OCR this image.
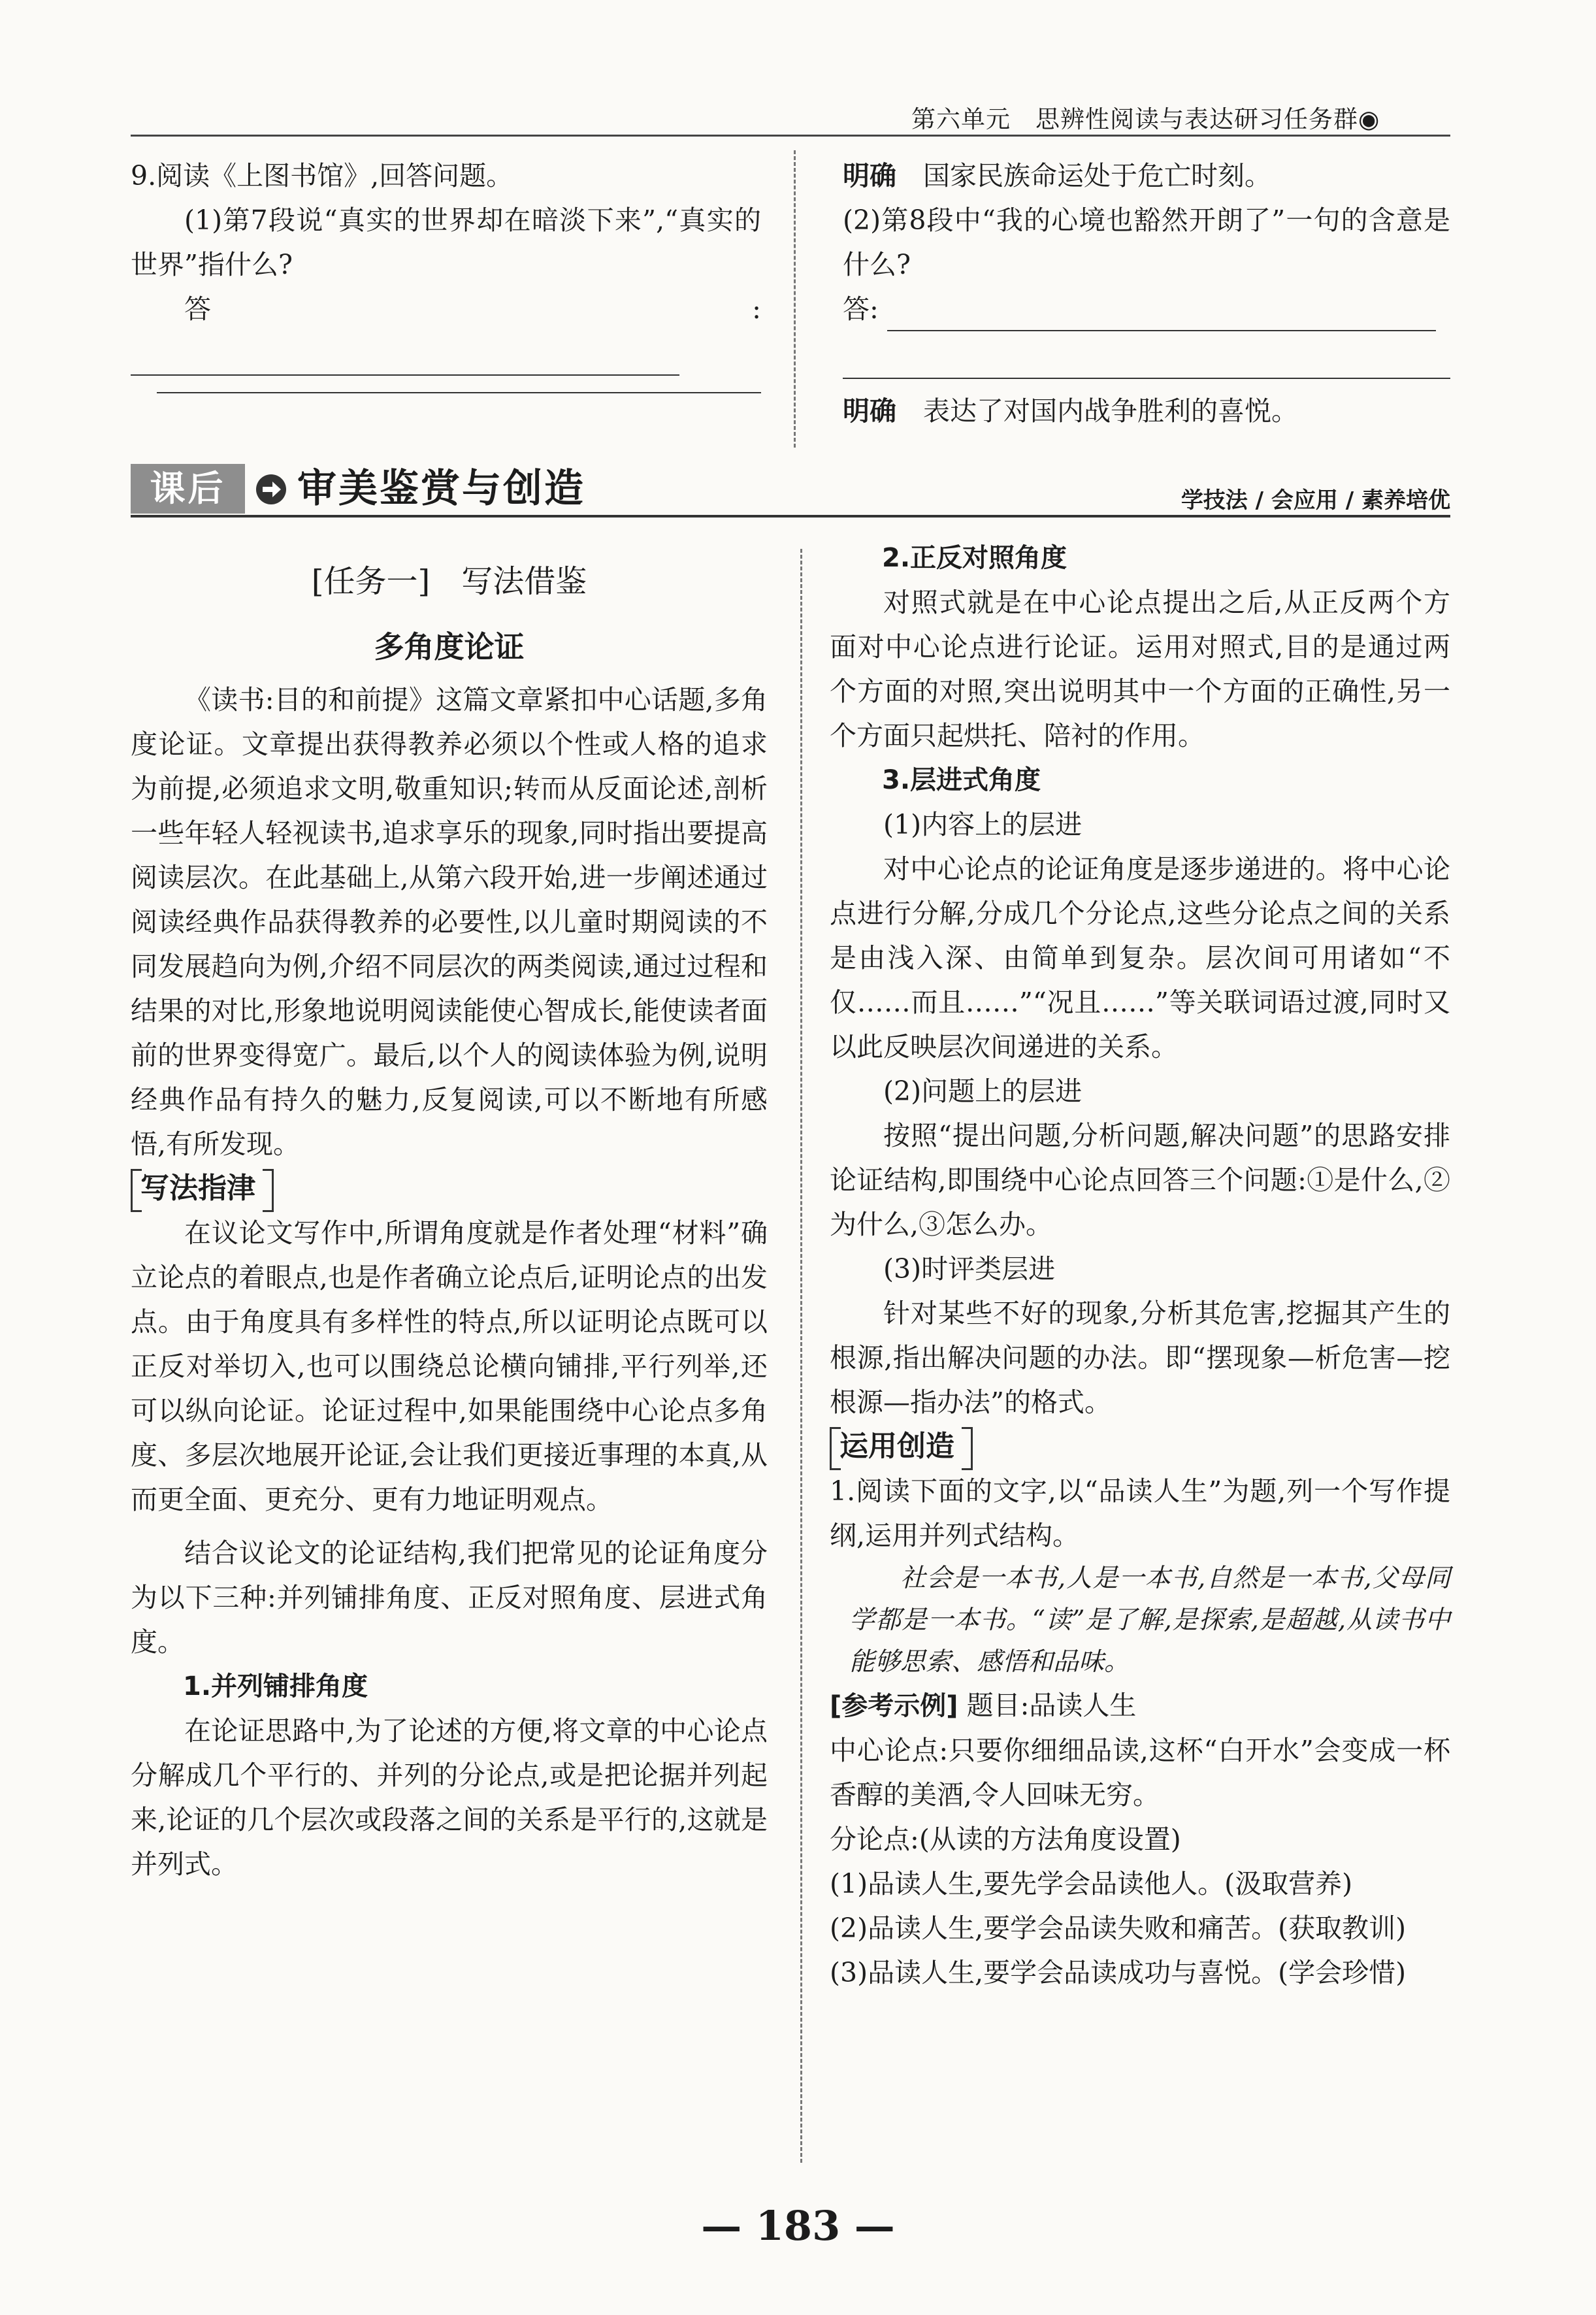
第六单元　思辨性阅读与表达研习任务群◉

9.阅读《上图书馆》,回答问题。

(1)第7段说“真实的世界却在暗淡下来”,“真实的世界”指什么?

答:

明确　 国家民族命运处于危亡时刻。

(2)第8段中“我的心境也豁然开朗了”一句的含意是什么?

答:

明确　 表达了对国内战争胜利的喜悦。

课后	审美鉴赏与创造	学技法 / 会应用 / 素养培优
[任务一]　写法借鉴
多角度论证

《读书:目的和前提》这篇文章紧扣中心话题,多角度论证。文章提出获得教养必须以个性或人格的追求为前提,必须追求文明,敬重知识;转而从反面论述,剖析一些年轻人轻视读书,追求享乐的现象,同时指出要提高阅读层次。在此基础上,从第六段开始,进一步阐述通过阅读经典作品获得教养的必要性,以儿童时期阅读的不同发展趋向为例,介绍不同层次的两类阅读,通过过程和结果的对比,形象地说明阅读能使心智成长,能使读者面前的世界变得宽广。最后,以个人的阅读体验为例,说明经典作品有持久的魅力,反复阅读,可以不断地有所感悟,有所发现。

写法指津

在议论文写作中,所谓角度就是作者处理“材料”确立论点的着眼点,也是作者确立论点后,证明论点的出发点。由于角度具有多样性的特点,所以证明论点既可以正反对举切入,也可以围绕总论横向铺排,平行列举,还可以纵向论证。论证过程中,如果能围绕中心论点多角度、多层次地展开论证,会让我们更接近事理的本真,从而更全面、更充分、更有力地证明观点。

结合议论文的论证结构,我们把常见的论证角度分为以下三种:并列铺排角度、正反对照角度、层进式角度。

1.并列铺排角度

在论证思路中,为了论述的方便,将文章的中心论点分解成几个平行的、并列的分论点,或是把论据并列起来,论证的几个层次或段落之间的关系是平行的,这就是并列式。

2.正反对照角度

对照式就是在中心论点提出之后,从正反两个方面对中心论点进行论证。运用对照式,目的是通过两个方面的对照,突出说明其中一个方面的正确性,另一个方面只起烘托、陪衬的作用。

3.层进式角度

(1)内容上的层进

对中心论点的论证角度是逐步递进的。将中心论点进行分解,分成几个分论点,这些分论点之间的关系是由浅入深、由简单到复杂。层次间可用诸如“不仅……而且……”“况且……”等关联词语过渡,同时又以此反映层次间递进的关系。

(2)问题上的层进

按照“提出问题,分析问题,解决问题”的思路安排论证结构,即围绕中心论点回答三个问题:①是什么,②为什么,③怎么办。

(3)时评类层进

针对某些不好的现象,分析其危害,挖掘其产生的根源,指出解决问题的办法。即“摆现象—析危害—挖根源—指办法”的格式。

运用创造

1.阅读下面的文字,以“品读人生”为题,列一个写作提纲,运用并列式结构。

社会是一本书,人是一本书,自然是一本书,父母同学都是一本书。“读”是了解,是探索,是超越,从读书中能够思索、感悟和品味。

[参考示例] 题目:品读人生

中心论点:只要你细细品读,这杯“白开水”会变成一杯香醇的美酒,令人回味无穷。

分论点:(从读的方法角度设置)

(1)品读人生,要先学会品读他人。(汲取营养)

(2)品读人生,要学会品读失败和痛苦。(获取教训)

(3)品读人生,要学会品读成功与喜悦。(学会珍惜)

— 183 —
